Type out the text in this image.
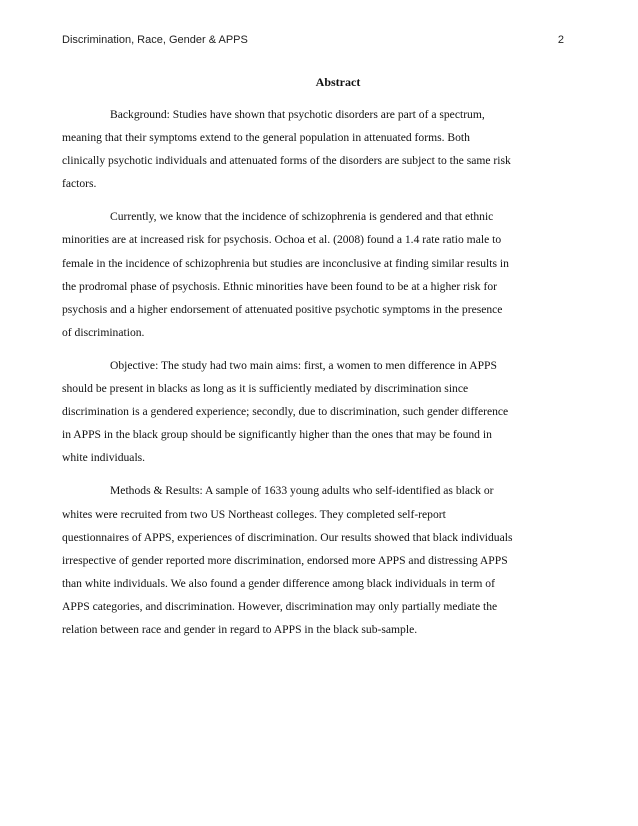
Discrimination, Race, Gender & APPS	2
Abstract

Background: Studies have shown that psychotic disorders are part of a spectrum,
meaning that their symptoms extend to the general population in attenuated forms. Both
clinically psychotic individuals and attenuated forms of the disorders are subject to the same risk
factors.

Currently, we know that the incidence of schizophrenia is gendered and that ethnic
minorities are at increased risk for psychosis. Ochoa et al. (2008) found a 1.4 rate ratio male to
female in the incidence of schizophrenia but studies are inconclusive at finding similar results in
the prodromal phase of psychosis. Ethnic minorities have been found to be at a higher risk for
psychosis and a higher endorsement of attenuated positive psychotic symptoms in the presence
of discrimination.

Objective: The study had two main aims: first, a women to men difference in APPS
should be present in blacks as long as it is sufficiently mediated by discrimination since
discrimination is a gendered experience; secondly, due to discrimination, such gender difference
in APPS in the black group should be significantly higher than the ones that may be found in
white individuals.

Methods & Results: A sample of 1633 young adults who self-identified as black or
whites were recruited from two US Northeast colleges. They completed self-report
questionnaires of APPS, experiences of discrimination. Our results showed that black individuals
irrespective of gender reported more discrimination, endorsed more APPS and distressing APPS
than white individuals. We also found a gender difference among black individuals in term of
APPS categories, and discrimination. However, discrimination may only partially mediate the
relation between race and gender in regard to APPS in the black sub-sample.
